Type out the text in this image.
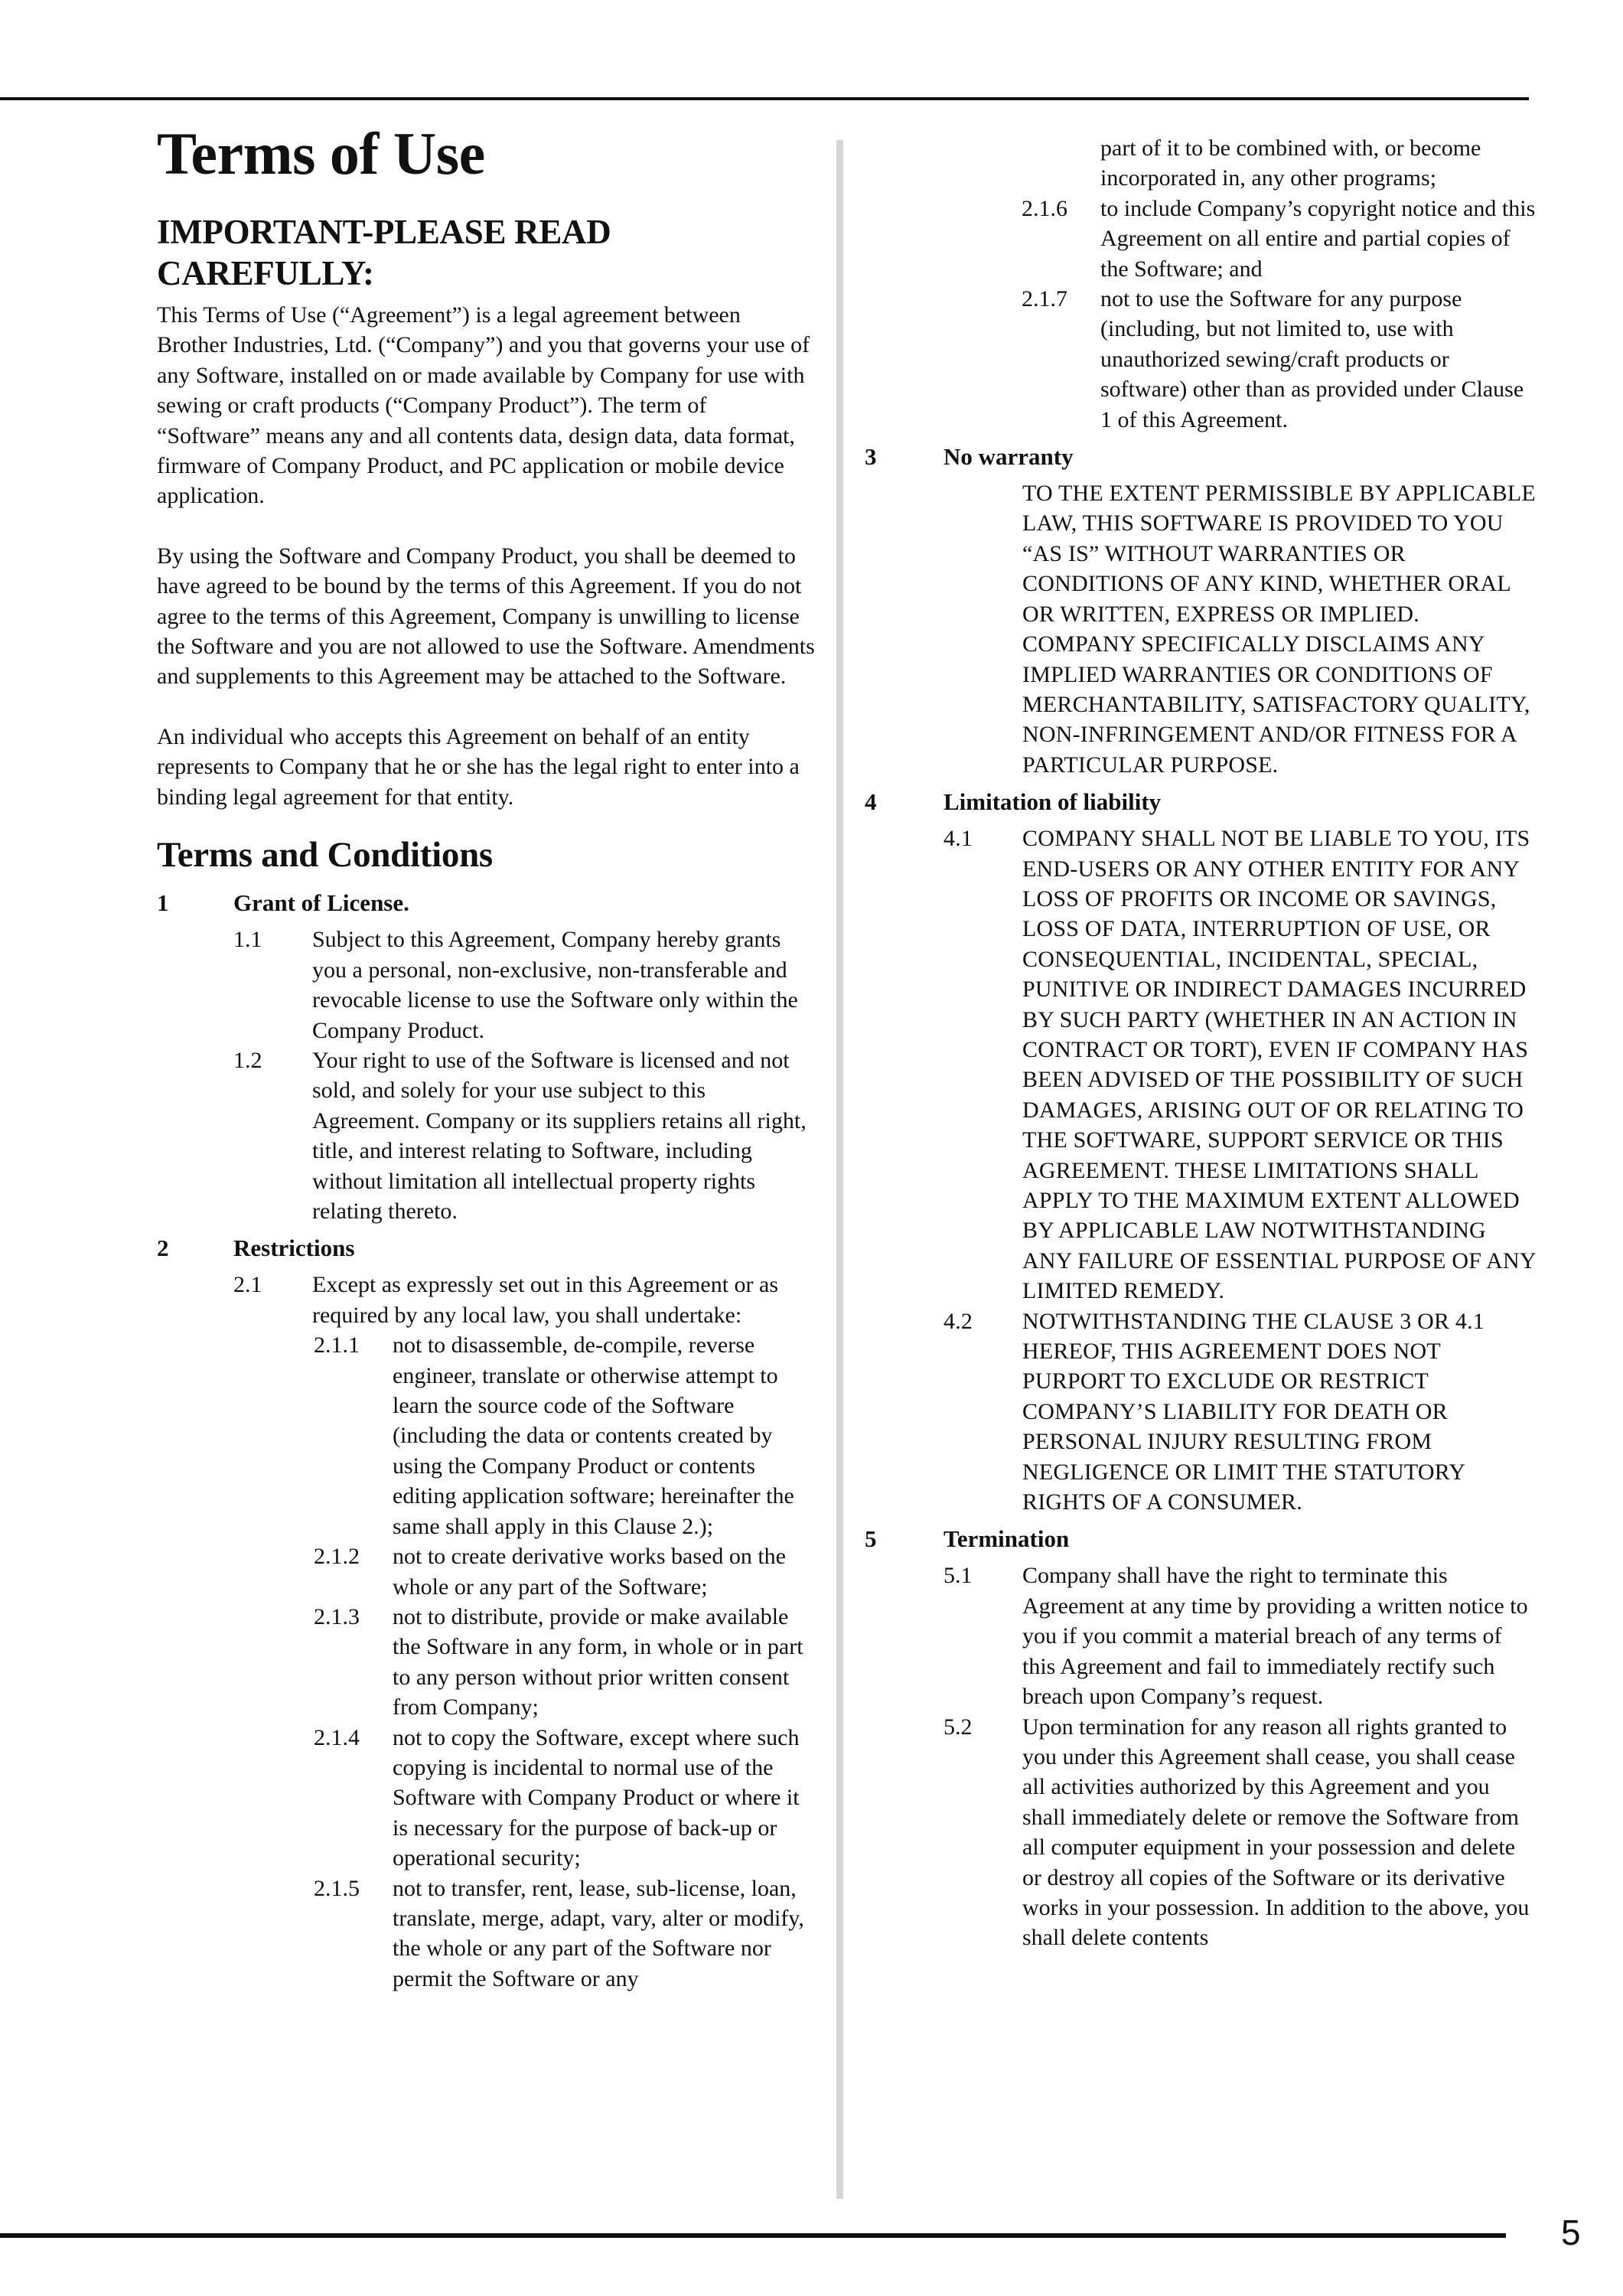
Terms of Use
IMPORTANT-PLEASE READ CAREFULLY:

This Terms of Use (“Agreement”) is a legal agreement between Brother Industries, Ltd. (“Company”) and you that governs your use of any Software, installed on or made available by Company for use with sewing or craft products (“Company Product”). The term of “Software” means any and all contents data, design data, data format, firmware of Company Product, and PC application or mobile device application.

By using the Software and Company Product, you shall be deemed to have agreed to be bound by the terms of this Agreement. If you do not agree to the terms of this Agreement, Company is unwilling to license the Software and you are not allowed to use the Software. Amendments and supplements to this Agreement may be attached to the Software.

An individual who accepts this Agreement on behalf of an entity represents to Company that he or she has the legal right to enter into a binding legal agreement for that entity.

Terms and Conditions
1	Grant of License.
1.1	Subject to this Agreement, Company hereby grants you a personal, non-exclusive, non-transferable and revocable license to use the Software only within the Company Product.
1.2	Your right to use of the Software is licensed and not sold, and solely for your use subject to this Agreement. Company or its suppliers retains all right, title, and interest relating to Software, including without limitation all intellectual property rights relating thereto.
2	Restrictions
2.1	Except as expressly set out in this Agreement or as required by any local law, you shall undertake:
2.1.1	not to disassemble, de-compile, reverse engineer, translate or otherwise attempt to learn the source code of the Software (including the data or contents created by using the Company Product or contents editing application software; hereinafter the same shall apply in this Clause 2.);
2.1.2	not to create derivative works based on the whole or any part of the Software;
2.1.3	not to distribute, provide or make available the Software in any form, in whole or in part to any person without prior written consent from Company;
2.1.4	not to copy the Software, except where such copying is incidental to normal use of the Software with Company Product or where it is necessary for the purpose of back-up or operational security;
2.1.5	not to transfer, rent, lease, sub-license, loan, translate, merge, adapt, vary, alter or modify, the whole or any part of the Software nor permit the Software or any
part of it to be combined with, or become incorporated in, any other programs;
2.1.6	to include Company’s copyright notice and this Agreement on all entire and partial copies of the Software; and
2.1.7	not to use the Software for any purpose (including, but not limited to, use with unauthorized sewing/craft products or software) other than as provided under Clause 1 of this Agreement.
3	No warranty
TO THE EXTENT PERMISSIBLE BY APPLICABLE LAW, THIS SOFTWARE IS PROVIDED TO YOU “AS IS” WITHOUT WARRANTIES OR CONDITIONS OF ANY KIND, WHETHER ORAL OR WRITTEN, EXPRESS OR IMPLIED. COMPANY SPECIFICALLY DISCLAIMS ANY IMPLIED WARRANTIES OR CONDITIONS OF MERCHANTABILITY, SATISFACTORY QUALITY, NON-INFRINGEMENT AND/OR FITNESS FOR A PARTICULAR PURPOSE.
4	Limitation of liability
4.1	COMPANY SHALL NOT BE LIABLE TO YOU, ITS END-USERS OR ANY OTHER ENTITY FOR ANY LOSS OF PROFITS OR INCOME OR SAVINGS, LOSS OF DATA, INTERRUPTION OF USE, OR CONSEQUENTIAL, INCIDENTAL, SPECIAL, PUNITIVE OR INDIRECT DAMAGES INCURRED BY SUCH PARTY (WHETHER IN AN ACTION IN CONTRACT OR TORT), EVEN IF COMPANY HAS BEEN ADVISED OF THE POSSIBILITY OF SUCH DAMAGES, ARISING OUT OF OR RELATING TO THE SOFTWARE, SUPPORT SERVICE OR THIS AGREEMENT. THESE LIMITATIONS SHALL APPLY TO THE MAXIMUM EXTENT ALLOWED BY APPLICABLE LAW NOTWITHSTANDING ANY FAILURE OF ESSENTIAL PURPOSE OF ANY LIMITED REMEDY.
4.2	NOTWITHSTANDING THE CLAUSE 3 OR 4.1 HEREOF, THIS AGREEMENT DOES NOT PURPORT TO EXCLUDE OR RESTRICT COMPANY’S LIABILITY FOR DEATH OR PERSONAL INJURY RESULTING FROM NEGLIGENCE OR LIMIT THE STATUTORY RIGHTS OF A CONSUMER.
5	Termination
5.1	Company shall have the right to terminate this Agreement at any time by providing a written notice to you if you commit a material breach of any terms of this Agreement and fail to immediately rectify such breach upon Company’s request.
5.2	Upon termination for any reason all rights granted to you under this Agreement shall cease, you shall cease all activities authorized by this Agreement and you shall immediately delete or remove the Software from all computer equipment in your possession and delete or destroy all copies of the Software or its derivative works in your possession. In addition to the above, you shall delete contents
5
